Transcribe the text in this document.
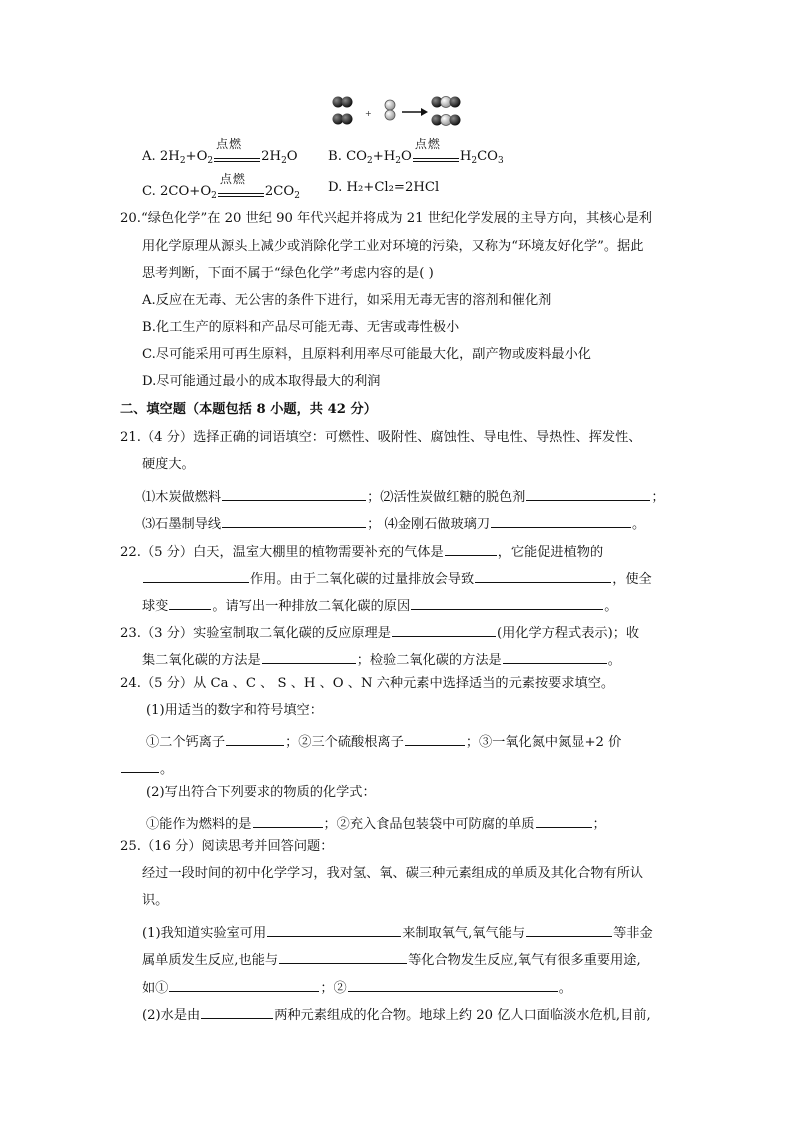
+
A. $2H_2+O_2$
点燃
$2H_2O$ B. $CO_2+H_2O$
点燃
$H_2CO_3$
C. $2CO+O_2$
点燃
$2CO_2$
D. H₂+Cl₂=2HCl
20.“绿色化学”在 20 世纪 90 年代兴起并将成为 21 世纪化学发展的主导方向，其核心是利
用化学原理从源头上减少或消除化学工业对环境的污染，又称为“环境友好化学”。据此
思考判断，下面不属于“绿色化学”考虑内容的是( )
A.反应在无毒、无公害的条件下进行，如采用无毒无害的溶剂和催化剂
B.化工生产的原料和产品尽可能无毒、无害或毒性极小
C.尽可能采用可再生原料，且原料利用率尽可能最大化，副产物或废料最小化
D.尽可能通过最小的成本取得最大的利润
二、填空题（本题包括 8 小题，共 42 分）
21.（4 分）选择正确的词语填空：可燃性、吸附性、腐蚀性、导电性、导热性、挥发性、
硬度大。
⑴木炭做燃料	；⑵活性炭做红糖的脱色剂	；
⑶石墨制导线	； ⑷金刚石做玻璃刀	。
22.（5 分）白天，温室大棚里的植物需要补充的气体是	，它能促进植物的
作用。由于二氧化碳的过量排放会导致	，使全
球变	。请写出一种排放二氧化碳的原因	。
23.（3 分）实验室制取二氧化碳的反应原理是	(用化学方程式表示)；收
集二氧化碳的方法是	；检验二氧化碳的方法是	。
24.（5 分）从 Ca 、C 、 S 、H 、O 、N 六种元素中选择适当的元素按要求填空。
(1)用适当的数字和符号填空：
①二个钙离子	；②三个硫酸根离子	；③一氧化氮中氮显+2 价
。
(2)写出符合下列要求的物质的化学式：
①能作为燃料的是	；②充入食品包装袋中可防腐的单质	；
25.（16 分）阅读思考并回答问题：
经过一段时间的初中化学学习，我对氢、氧、碳三种元素组成的单质及其化合物有所认
识。
(1)我知道实验室可用	来制取氧气,氧气能与	等非金
属单质发生反应,也能与	等化合物发生反应,氧气有很多重要用途,
如①	；②	。
(2)水是由	两种元素组成的化合物。地球上约 20 亿人口面临淡水危机,目前,
